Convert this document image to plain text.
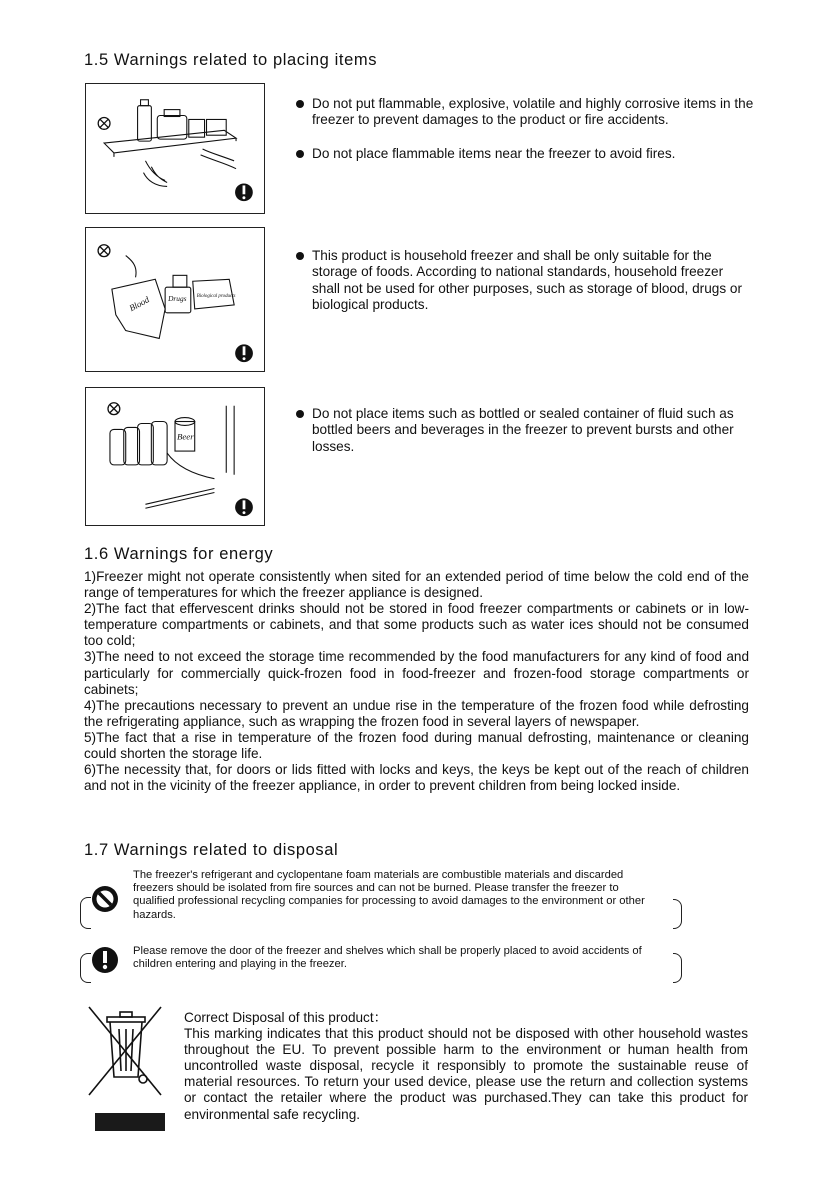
1.5 Warnings related to placing items
Do not put flammable, explosive, volatile and highly corrosive items in the freezer to prevent damages to the product or fire accidents.
Do not place flammable items near the freezer to avoid fires.
Blood Drugs Biological products
This product is household freezer and shall be only suitable for the storage of foods. According to national standards, household freezer shall not be used for other purposes, such as storage of blood, drugs or biological products.
Beer
Do not place items such as bottled or sealed container of fluid such as bottled beers and beverages in the freezer to prevent bursts and other losses.
1.6 Warnings for energy

1)Freezer might not operate consistently when sited for an extended period of time below the cold end of the range of temperatures for which the freezer appliance is designed.

2)The fact that effervescent drinks should not be stored in food freezer compartments or cabinets or in low-temperature compartments or cabinets, and that some products such as water ices should not be consumed too cold;

3)The need to not exceed the storage time recommended by the food manufacturers for any kind of food and particularly for commercially quick-frozen food in food-freezer and frozen-food storage compartments or cabinets;

4)The precautions necessary to prevent an undue rise in the temperature of the frozen food while defrosting the refrigerating appliance, such as wrapping the frozen food in several layers of newspaper.

5)The fact that a rise in temperature of the frozen food during manual defrosting, maintenance or cleaning could shorten the storage life.

6)The necessity that, for doors or lids fitted with locks and keys, the keys be kept out of the reach of children and not in the vicinity of the freezer appliance, in order to prevent children from being locked inside.

1.7 Warnings related to disposal
The freezer's refrigerant and cyclopentane foam materials are combustible materials and discarded freezers should be isolated from fire sources and can not be burned. Please transfer the freezer to qualified professional recycling companies for processing to avoid damages to the environment or other hazards.
Please remove the door of the freezer and shelves which shall be properly placed to avoid accidents of children entering and playing in the freezer.
Correct Disposal of this product：
This marking indicates that this product should not be disposed with other household wastes throughout the EU. To prevent possible harm to the environment or human health from uncontrolled waste disposal, recycle it responsibly to promote the sustainable reuse of material resources. To return your used device, please use the return and collection systems or contact the retailer where the product was purchased.They can take this product for environmental safe recycling.
